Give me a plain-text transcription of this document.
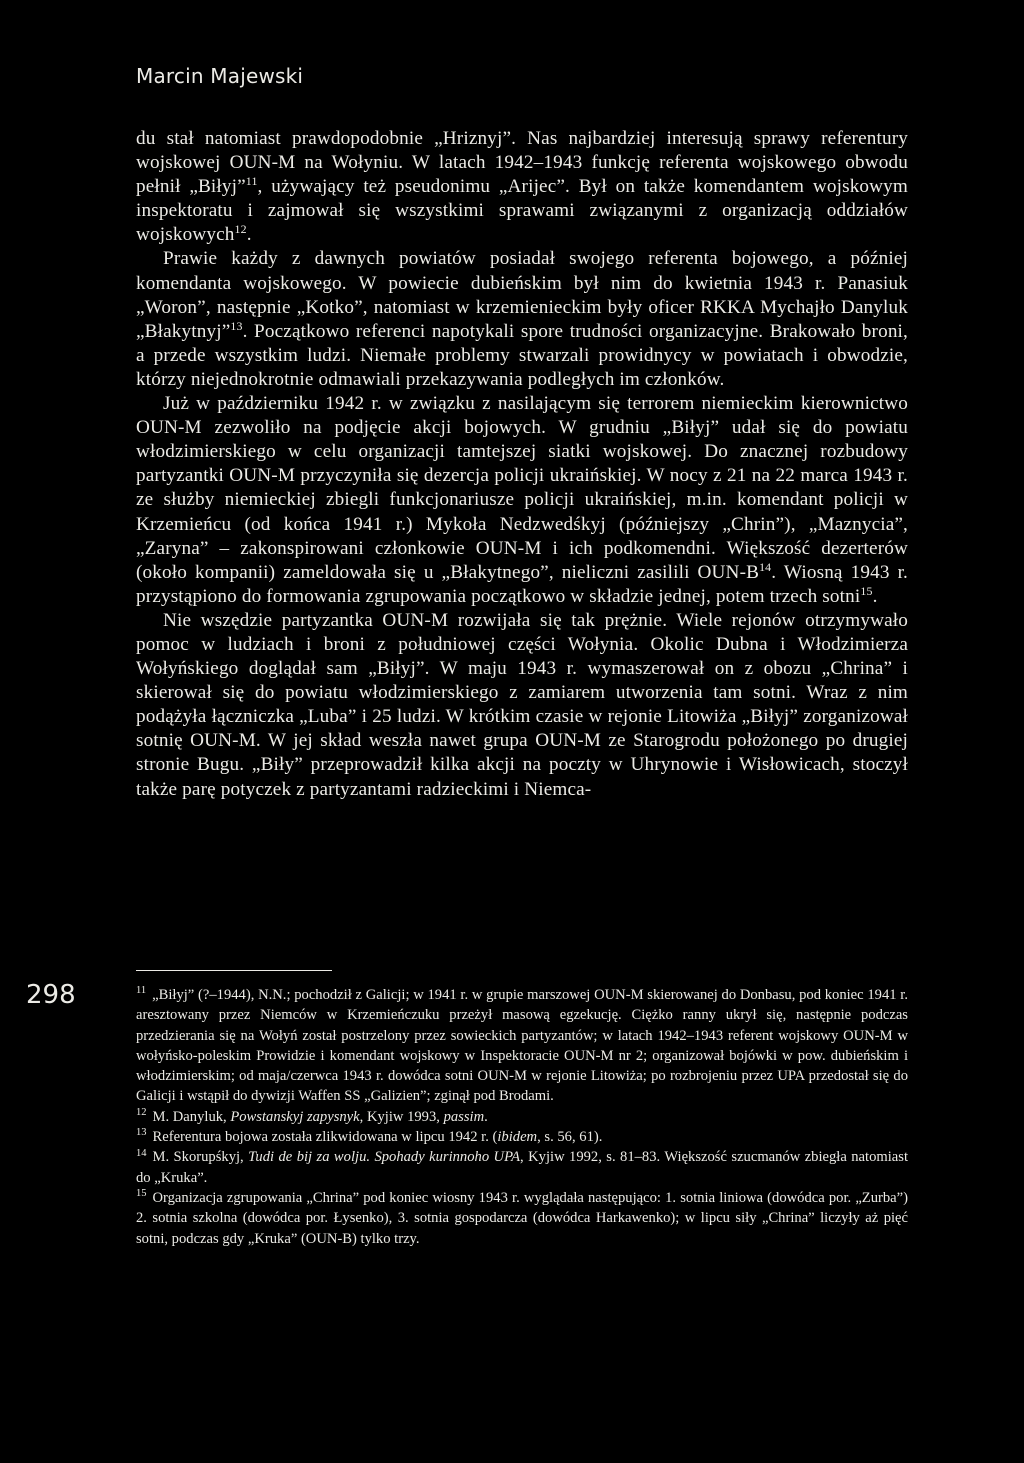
Marcin Majewski
298

du stał natomiast prawdopodobnie „Hriznyj”. Nas najbardziej interesują sprawy referentury wojskowej OUN-M na Wołyniu. W latach 1942–1943 funkcję referenta wojskowego obwodu pełnił „Biłyj”$^{11}$, używający też pseudonimu „Arijec”. Był on także komendantem wojskowym inspektoratu i zajmował się wszystkimi sprawami związanymi z organizacją oddziałów wojskowych$^{12}$.

Prawie każdy z dawnych powiatów posiadał swojego referenta bojowego, a później komendanta wojskowego. W powiecie dubieńskim był nim do kwietnia 1943 r. Panasiuk „Woron”, następnie „Kotko”, natomiast w krzemienieckim były oficer RKKA Mychajło Danyluk „Błakytnyj”$^{13}$. Początkowo referenci napotykali spore trudności organizacyjne. Brakowało broni, a przede wszystkim ludzi. Niemałe problemy stwarzali prowidnycy w powiatach i obwodzie, którzy niejednokrotnie odmawiali przekazywania podległych im członków.

Już w październiku 1942 r. w związku z nasilającym się terrorem niemieckim kierownictwo OUN-M zezwoliło na podjęcie akcji bojowych. W grudniu „Biłyj” udał się do powiatu włodzimierskiego w celu organizacji tamtejszej siatki wojskowej. Do znacznej rozbudowy partyzantki OUN-M przyczyniła się dezercja policji ukraińskiej. W nocy z 21 na 22 marca 1943 r. ze służby niemieckiej zbiegli funkcjonariusze policji ukraińskiej, m.in. komendant policji w Krzemieńcu (od końca 1941 r.) Mykoła Nedzwedśkyj (późniejszy „Chrin”), „Maznycia”, „Zaryna” – zakonspirowani członkowie OUN-M i ich podkomendni. Większość dezerterów (około kompanii) zameldowała się u „Błakytnego”, nieliczni zasilili OUN-$B^{14}$. Wiosną 1943 r. przystąpiono do formowania zgrupowania początkowo w składzie jednej, potem trzech sotni$^{15}$.

Nie wszędzie partyzantka OUN-M rozwijała się tak prężnie. Wiele rejonów otrzymywało pomoc w ludziach i broni z południowej części Wołynia. Okolic Dubna i Włodzimierza Wołyńskiego doglądał sam „Biłyj”. W maju 1943 r. wymaszerował on z obozu „Chrina” i skierował się do powiatu włodzimierskiego z zamiarem utworzenia tam sotni. Wraz z nim podążyła łączniczka „Luba” i 25 ludzi. W krótkim czasie w rejonie Litowiża „Biłyj” zorganizował sotnię OUN-M. W jej skład weszła nawet grupa OUN-M ze Starogrodu położonego po drugiej stronie Bugu. „Biły” przeprowadził kilka akcji na poczty w Uhrynowie i Wisłowicach, stoczył także parę potyczek z partyzantami radzieckimi i Niemca-

$^{11}$ „Biłyj” (?–1944), N.N.; pochodził z Galicji; w 1941 r. w grupie marszowej OUN-M skierowanej do Donbasu, pod koniec 1941 r. aresztowany przez Niemców w Krzemieńczuku przeżył masową egzekucję. Ciężko ranny ukrył się, następnie podczas przedzierania się na Wołyń został postrzelony przez sowieckich partyzantów; w latach 1942–1943 referent wojskowy OUN-M w wołyńsko-poleskim Prowidzie i komendant wojskowy w Inspektoracie OUN-M nr 2; organizował bojówki w pow. dubieńskim i włodzimierskim; od maja/czerwca 1943 r. dowódca sotni OUN-M w rejonie Litowiża; po rozbrojeniu przez UPA przedostał się do Galicji i wstąpił do dywizji Waffen SS „Galizien”; zginął pod Brodami.

$^{12}$ M. Danyluk, Powstanskyj zapysnyk, Kyjiw 1993, passim.

$^{13}$ Referentura bojowa została zlikwidowana w lipcu 1942 r. (ibidem, s. 56, 61).

$^{14}$ M. Skorupśkyj, Tudi de bij za wolju. Spohady kurinnoho UPA, Kyjiw 1992, s. 81–83. Większość szucmanów zbiegła natomiast do „Kruka”.

$^{15}$ Organizacja zgrupowania „Chrina” pod koniec wiosny 1943 r. wyglądała następująco: 1. sotnia liniowa (dowódca por. „Zurba”) 2. sotnia szkolna (dowódca por. Łysenko), 3. sotnia gospodarcza (dowódca Harkawenko); w lipcu siły „Chrina” liczyły aż pięć sotni, podczas gdy „Kruka” (OUN-B) tylko trzy.
